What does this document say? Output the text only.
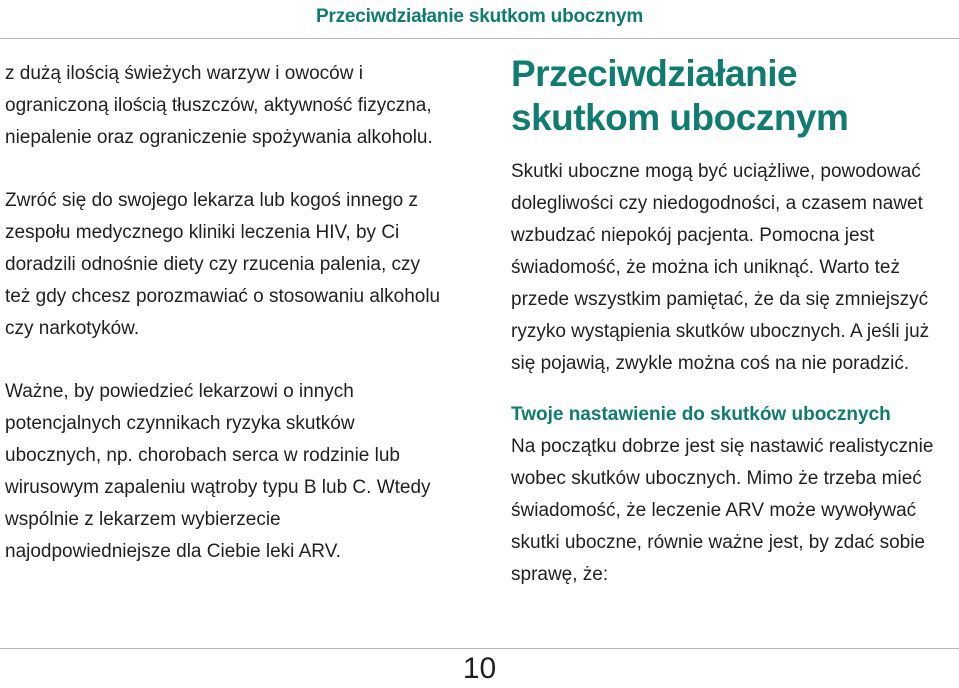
Przeciwdziałanie skutkom ubocznym

z dużą ilością świeżych warzyw i owoców i ograniczoną ilością tłuszczów, aktywność fizyczna, niepalenie oraz ograniczenie spożywania alkoholu.

Zwróć się do swojego lekarza lub kogoś innego z zespołu medycznego kliniki leczenia HIV, by Ci doradzili odnośnie diety czy rzucenia palenia, czy też gdy chcesz porozmawiać o stosowaniu alkoholu czy narkotyków.

Ważne, by powiedzieć lekarzowi o innych potencjalnych czynnikach ryzyka skutków ubocznych, np. chorobach serca w rodzinie lub wirusowym zapaleniu wątroby typu B lub C. Wtedy wspólnie z lekarzem wybierzecie najodpowiedniejsze dla Ciebie leki ARV.

Przeciwdziałanie skutkom ubocznym

Skutki uboczne mogą być uciążliwe, powodować dolegliwości czy niedogodności, a czasem nawet wzbudzać niepokój pacjenta. Pomocna jest świadomość, że można ich uniknąć. Warto też przede wszystkim pamiętać, że da się zmniejszyć ryzyko wystąpienia skutków ubocznych. A jeśli już się pojawią, zwykle można coś na nie poradzić.

Twoje nastawienie do skutków ubocznych

Na początku dobrze jest się nastawić realistycznie wobec skutków ubocznych. Mimo że trzeba mieć świadomość, że leczenie ARV może wywoływać skutki uboczne, równie ważne jest, by zdać sobie sprawę, że:

10
